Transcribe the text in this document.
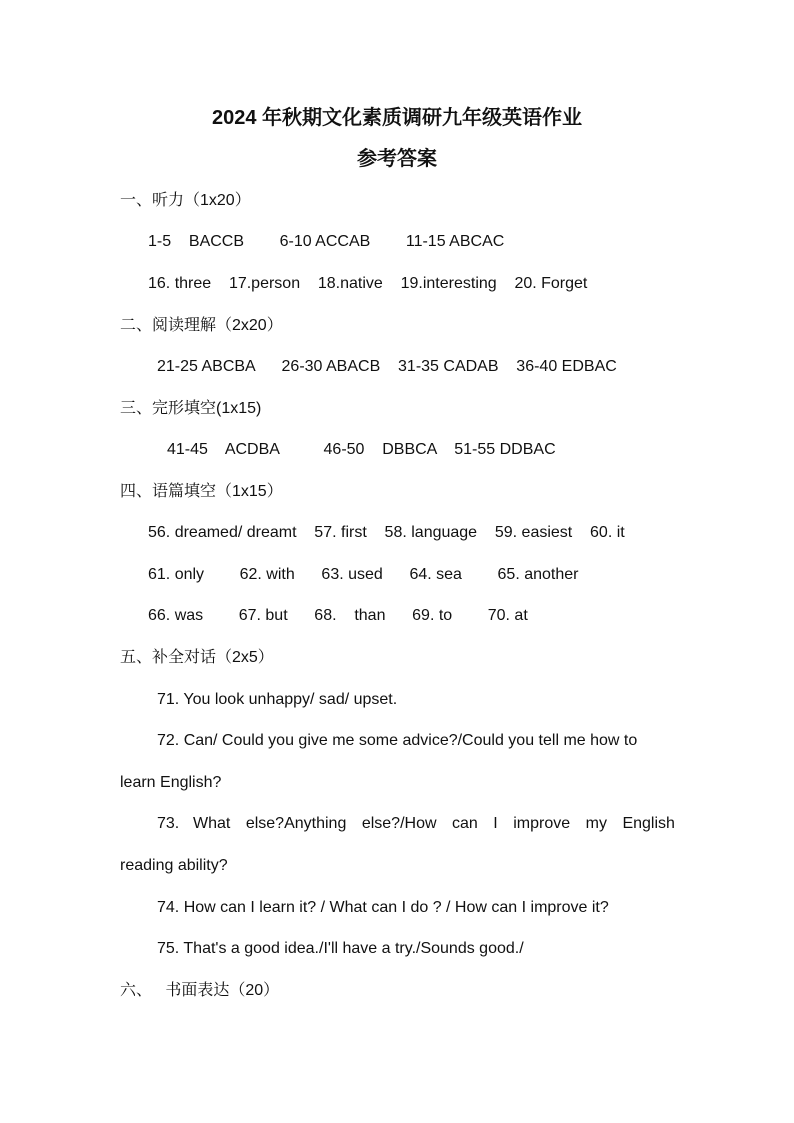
2024 年秋期文化素质调研九年级英语作业
参考答案
一、听力（1x20）
1-5    BACCB        6-10 ACCAB        11-15 ABCAC
16. three    17.person    18.native    19.interesting    20. Forget
二、阅读理解（2x20）
21-25 ABCBA      26-30 ABACB    31-35 CADAB    36-40 EDBAC
三、完形填空(1x15)
41-45    ACDBA          46-50    DBBCA    51-55 DDBAC
四、语篇填空（1x15）
56. dreamed/ dreamt    57. first    58. language    59. easiest    60. it
61. only        62. with      63. used      64. sea        65. another
66. was        67. but      68.    than      69. to        70. at
五、补全对话（2x5）
71. You look unhappy/ sad/ upset.
72. Can/ Could you give me some advice?/Could you tell me how to
learn English?
73. What else?Anything else?/How can I improve my English
reading ability?
74. How can I learn it? / What can I do ? / How can I improve it?
75. That's a good idea./I'll have a try./Sounds good./
六、   书面表达（20）
